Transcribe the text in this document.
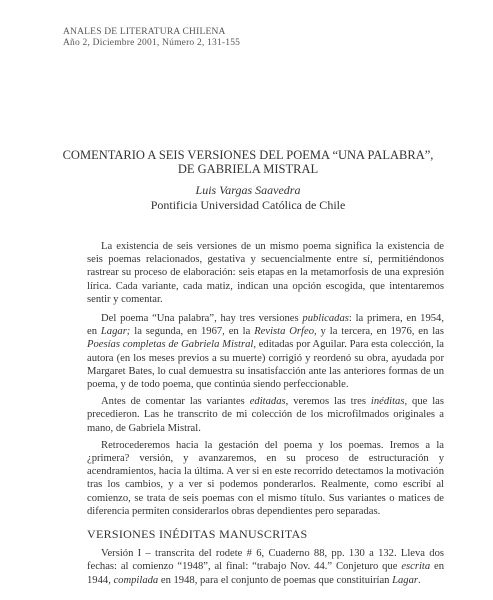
ANALES DE LITERATURA CHILENA
Año 2, Diciembre 2001, Número 2, 131-155
COMENTARIO A SEIS VERSIONES DEL POEMA “UNA PALABRA”,
DE GABRIELA MISTRAL
Luis Vargas Saavedra
Pontificia Universidad Católica de Chile

La existencia de seis versiones de un mismo poema significa la existencia de seis poemas relacionados, gestativa y secuencialmente entre sí, permitiéndonos rastrear su proceso de elaboración: seis etapas en la metamorfosis de una expresión lírica. Cada variante, cada matiz, indican una opción escogida, que intentaremos sentir y comentar.

Del poema “Una palabra”, hay tres versiones publicadas: la primera, en 1954, en Lagar; la segunda, en 1967, en la Revista Orfeo, y la tercera, en 1976, en las Poesías completas de Gabriela Mistral, editadas por Aguilar. Para esta colección, la autora (en los meses previos a su muerte) corrigió y reordenó su obra, ayudada por Margaret Bates, lo cual demuestra su insatisfacción ante las anteriores formas de un poema, y de todo poema, que continúa siendo perfeccionable.

Antes de comentar las variantes editadas, veremos las tres inéditas, que las precedieron. Las he transcrito de mi colección de los microfilmados originales a mano, de Gabriela Mistral.

Retrocederemos hacia la gestación del poema y los poemas. Iremos a la ¿primera? versión, y avanzaremos, en su proceso de estructuración y acendramientos, hacia la última. A ver si en este recorrido detectamos la motivación tras los cambios, y a ver si podemos ponderarlos. Realmente, como escribí al comienzo, se trata de seis poemas con el mismo título. Sus variantes o matices de diferencia permiten considerarlos obras dependientes pero separadas.

VERSIONES INÉDITAS MANUSCRITAS

Versión I – transcrita del rodete # 6, Cuaderno 88, pp. 130 a 132. Lleva dos fechas: al comienzo “1948”, al final: “trabajo Nov. 44.” Conjeturo que escrita en 1944, compilada en 1948, para el conjunto de poemas que constituirían Lagar.
